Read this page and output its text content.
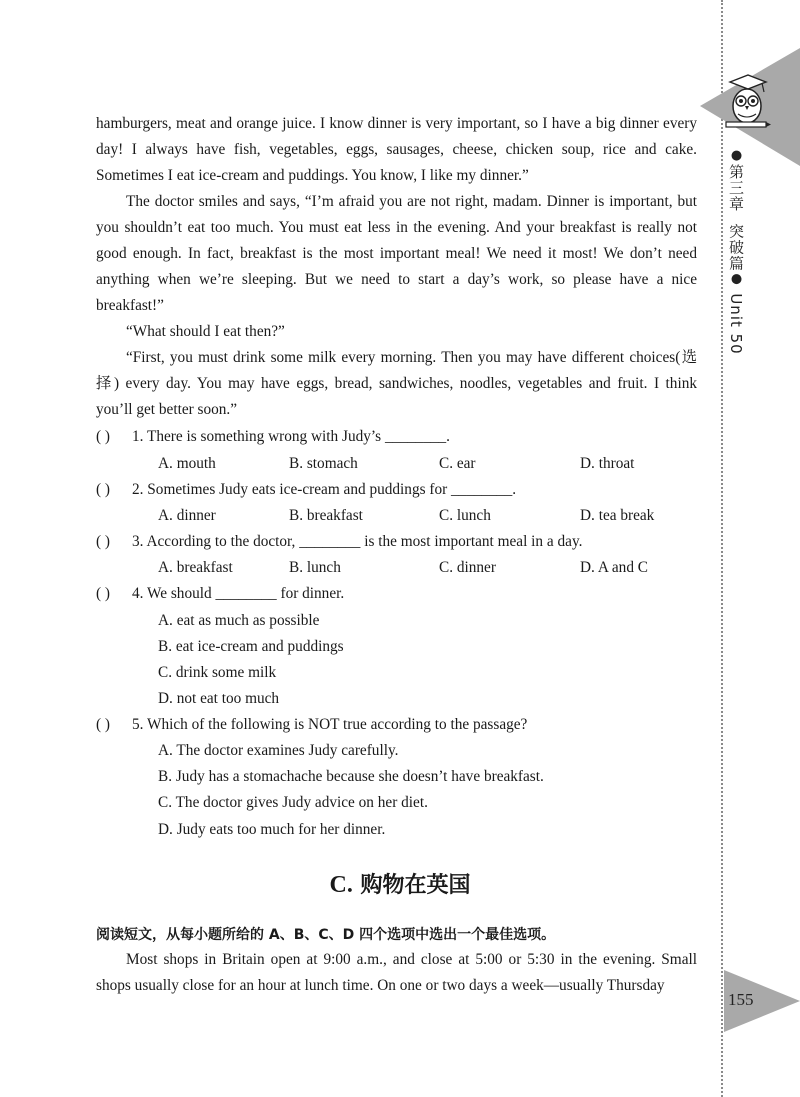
●第三章  突破篇● Unit 50
155

hamburgers, meat and orange juice. I know dinner is very important, so I have a big dinner every day! I always have fish, vegetables, eggs, sausages, cheese, chicken soup, rice and cake. Sometimes I eat ice-cream and puddings. You know, I like my dinner.”

The doctor smiles and says, “I’m afraid you are not right, madam. Dinner is important, but you shouldn’t eat too much. You must eat less in the evening. And your breakfast is really not good enough. In fact, breakfast is the most important meal! We need it most! We don’t need anything when we’re sleeping. But we need to start a day’s work, so please have a nice breakfast!”

“What should I eat then?”

“First, you must drink some milk every morning. Then you may have different choices(选择) every day. You may have eggs, bread, sandwiches, noodles, vegetables and fruit. I think you’ll get better soon.”

( ) 1. There is something wrong with Judy’s ________.
A. mouth	B. stomach	C. ear	D. throat
( ) 2. Sometimes Judy eats ice-cream and puddings for ________.
A. dinner	B. breakfast	C. lunch	D. tea break
( ) 3. According to the doctor, ________ is the most important meal in a day.
A. breakfast	B. lunch	C. dinner	D. A and C
( ) 4. We should ________ for dinner.
A. eat as much as possible
B. eat ice-cream and puddings
C. drink some milk
D. not eat too much
( ) 5. Which of the following is NOT true according to the passage?
A. The doctor examines Judy carefully.
B. Judy has a stomachache because she doesn’t have breakfast.
C. The doctor gives Judy advice on her diet.
D. Judy eats too much for her dinner.
C. 购物在英国
阅读短文，从每小题所给的 A、B、C、D 四个选项中选出一个最佳选项。

Most shops in Britain open at 9:00 a.m., and close at 5:00 or 5:30 in the evening. Small shops usually close for an hour at lunch time. On one or two days a week—usually Thursday
